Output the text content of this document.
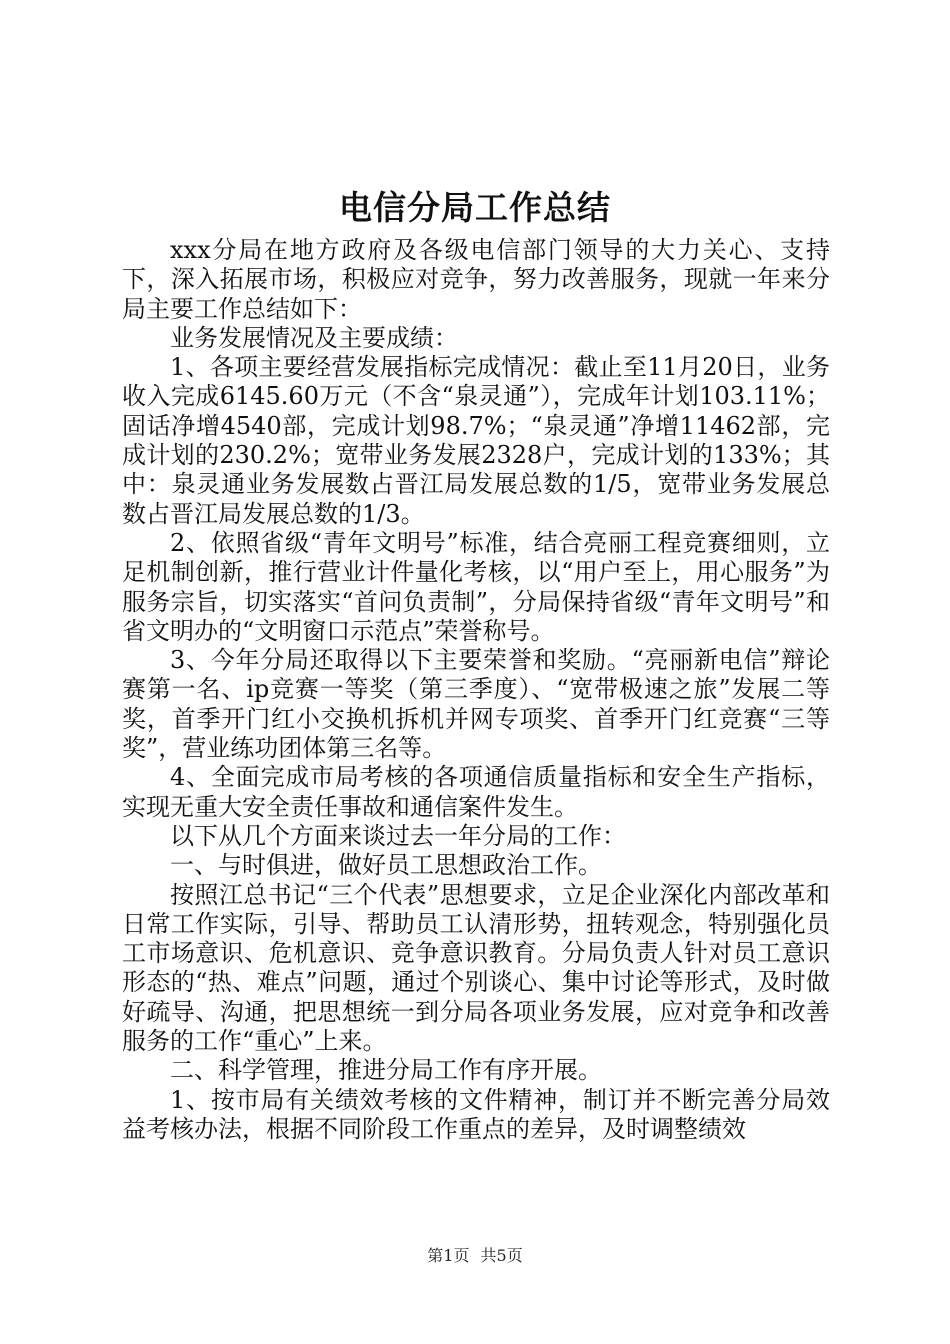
电信分局工作总结

xxx分局在地方政府及各级电信部门领导的大力关心、支持下，深入拓展市场，积极应对竞争，努力改善服务，现就一年来分局主要工作总结如下：

业务发展情况及主要成绩：

1、各项主要经营发展指标完成情况：截止至11月20日，业务收入完成6145.60万元（不含“泉灵通”），完成年计划103.11%；固话净增4540部，完成计划98.7%；“泉灵通”净增11462部，完成计划的230.2%；宽带业务发展2328户，完成计划的133%；其中：泉灵通业务发展数占晋江局发展总数的1/5，宽带业务发展总数占晋江局发展总数的1/3。

2、依照省级“青年文明号”标准，结合亮丽工程竞赛细则，立足机制创新，推行营业计件量化考核，以“用户至上，用心服务”为服务宗旨，切实落实“首问负责制”，分局保持省级“青年文明号”和省文明办的“文明窗口示范点”荣誉称号。

3、今年分局还取得以下主要荣誉和奖励。“亮丽新电信”辩论赛第一名、ip竞赛一等奖（第三季度）、“宽带极速之旅”发展二等奖，首季开门红小交换机拆机并网专项奖、首季开门红竞赛“三等奖”，营业练功团体第三名等。

4、全面完成市局考核的各项通信质量指标和安全生产指标，实现无重大安全责任事故和通信案件发生。

以下从几个方面来谈过去一年分局的工作：

一、与时俱进，做好员工思想政治工作。

按照江总书记“三个代表”思想要求，立足企业深化内部改革和日常工作实际，引导、帮助员工认清形势，扭转观念，特别强化员工市场意识、危机意识、竞争意识教育。分局负责人针对员工意识形态的“热、难点”问题，通过个别谈心、集中讨论等形式，及时做好疏导、沟通，把思想统一到分局各项业务发展，应对竞争和改善服务的工作“重心”上来。

二、科学管理，推进分局工作有序开展。

1、按市局有关绩效考核的文件精神，制订并不断完善分局效益考核办法，根据不同阶段工作重点的差异，及时调整绩效

第1页 共5页
